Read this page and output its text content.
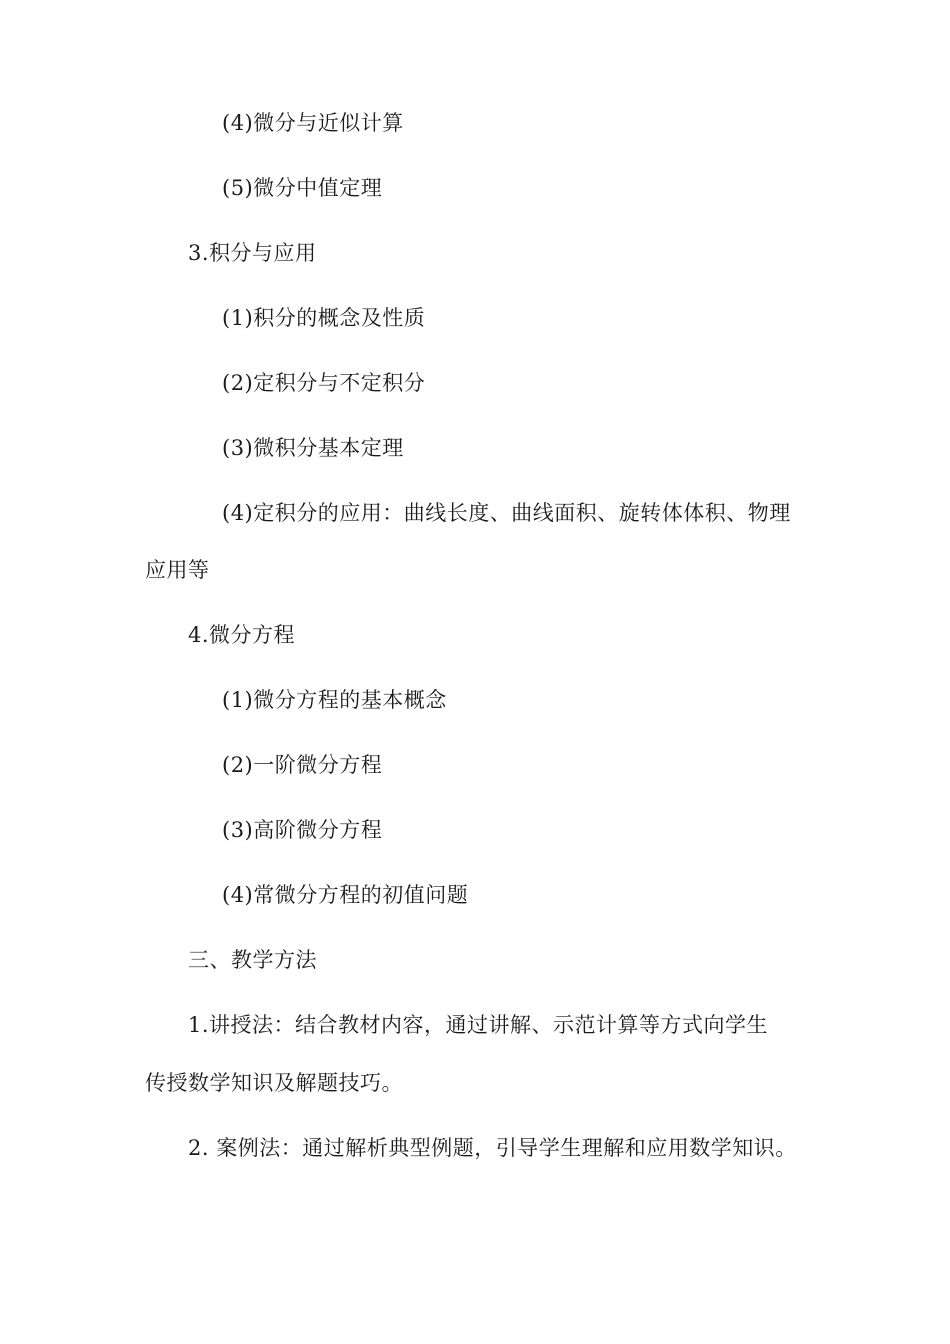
(4)微分与近似计算
(5)微分中值定理
3.积分与应用
(1)积分的概念及性质
(2)定积分与不定积分
(3)微积分基本定理
(4)定积分的应用：曲线长度、曲线面积、旋转体体积、物理
应用等
4.微分方程
(1)微分方程的基本概念
(2)一阶微分方程
(3)高阶微分方程
(4)常微分方程的初值问题
三、教学方法
1.讲授法：结合教材内容，通过讲解、示范计算等方式向学生
传授数学知识及解题技巧。
2. 案例法：通过解析典型例题，引导学生理解和应用数学知识。
